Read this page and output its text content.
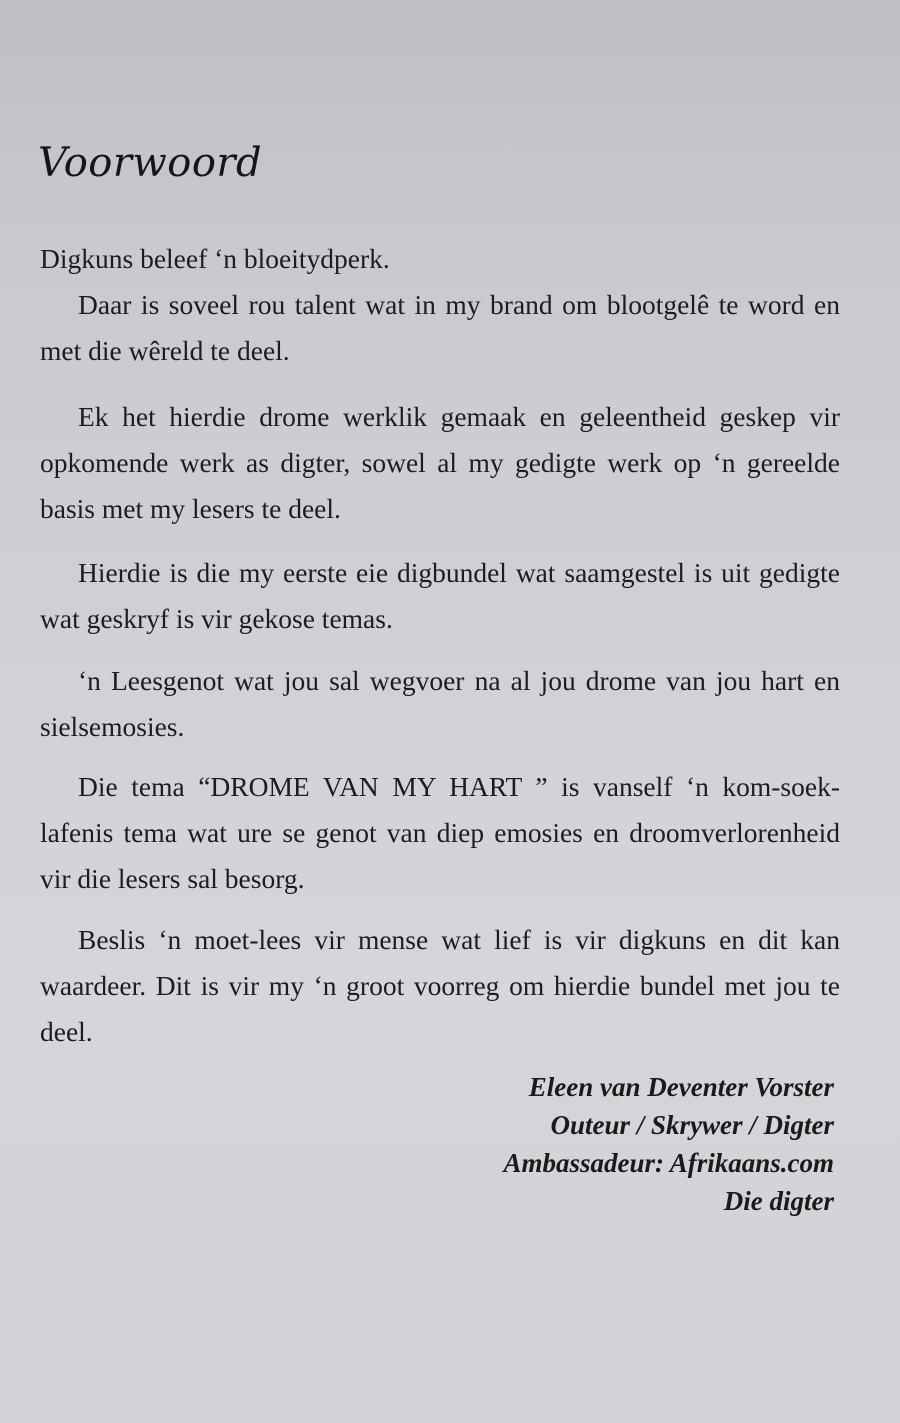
Voorwoord

Digkuns beleef ‘n bloeitydperk.

Daar is soveel rou talent wat in my brand om blootgelê te word en met die wêreld te deel.

Ek het hierdie drome werklik gemaak en geleentheid geskep vir opkomende werk as digter, sowel al my gedigte werk op ‘n gereelde basis met my lesers te deel.

Hierdie is die my eerste eie digbundel wat saamgestel is uit gedigte wat geskryf is vir gekose temas.

‘n Leesgenot wat jou sal wegvoer na al jou drome van jou hart en sielsemosies.

Die tema “DROME VAN MY HART ” is vanself ‘n kom-soek-lafenis tema wat ure se genot van diep emosies en droomverlorenheid vir die lesers sal besorg.

Beslis ‘n moet-lees vir mense wat lief is vir digkuns en dit kan waardeer. Dit is vir my ‘n groot voorreg om hierdie bundel met jou te deel.

Eleen van Deventer Vorster
Outeur / Skrywer / Digter
Ambassadeur: Afrikaans.com
Die digter
